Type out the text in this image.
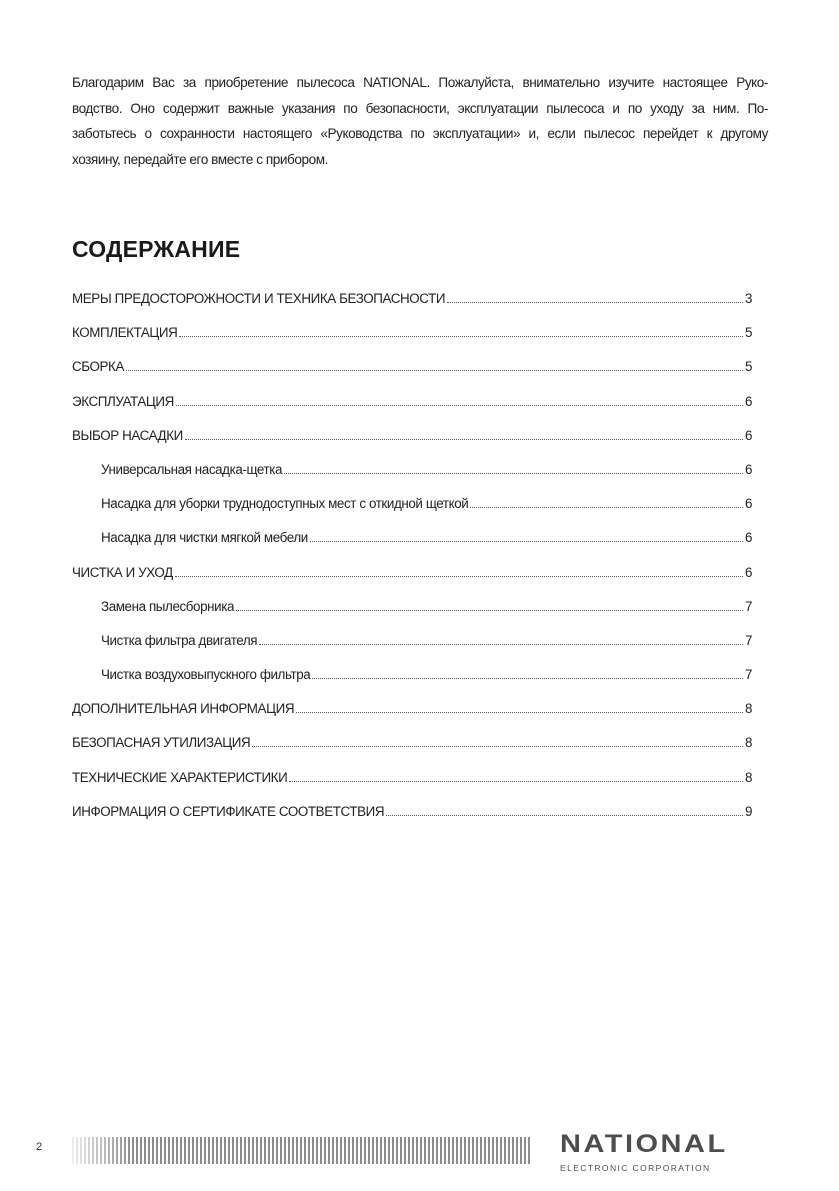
Благодарим Вас за приобретение пылесоса NATIONAL. Пожалуйста, внимательно изучите настоящее Руко-
водство. Оно содержит важные указания по безопасности, эксплуатации пылесоса и по уходу за ним. По-
заботьтесь о сохранности настоящего «Руководства по эксплуатации» и, если пылесос перейдет к другому
хозяину, передайте его вместе с прибором.
СОДЕРЖАНИЕ
МЕРЫ ПРЕДОСТОРОЖНОСТИ И ТЕХНИКА БЕЗОПАСНОСТИ	3
КОМПЛЕКТАЦИЯ	5
СБОРКА	5
ЭКСПЛУАТАЦИЯ	6
ВЫБОР НАСАДКИ	6
Универсальная насадка-щетка	6
Насадка для уборки труднодоступных мест с откидной щеткой	6
Насадка для чистки мягкой мебели	6
ЧИСТКА И УХОД	6
Замена пылесборника	7
Чистка фильтра двигателя	7
Чистка воздуховыпускного фильтра	7
ДОПОЛНИТЕЛЬНАЯ ИНФОРМАЦИЯ	8
БЕЗОПАСНАЯ УТИЛИЗАЦИЯ	8
ТЕХНИЧЕСКИЕ ХАРАКТЕРИСТИКИ	8
ИНФОРМАЦИЯ О СЕРТИФИКАТЕ СООТВЕТСТВИЯ	9
2	NATIONAL
ELECTRONIC CORPORATION
